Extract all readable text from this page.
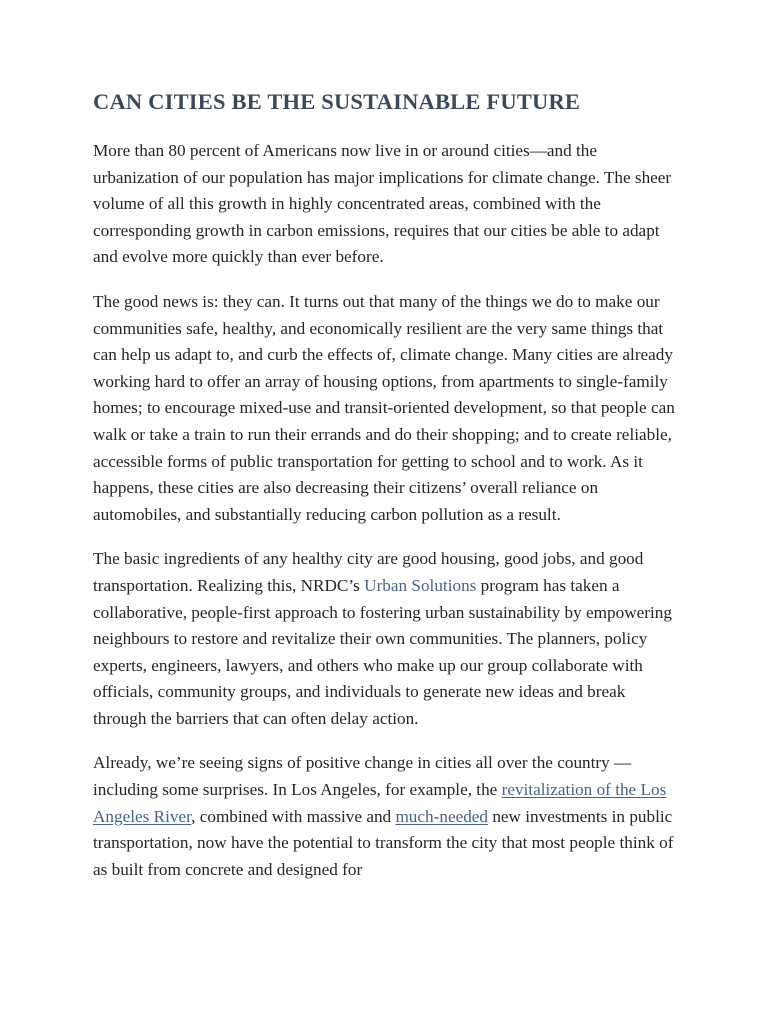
CAN CITIES BE THE SUSTAINABLE FUTURE

More than 80 percent of Americans now live in or around cities—and the urbanization of our population has major implications for climate change. The sheer volume of all this growth in highly concentrated areas, combined with the corresponding growth in carbon emissions, requires that our cities be able to adapt and evolve more quickly than ever before.

The good news is: they can. It turns out that many of the things we do to make our communities safe, healthy, and economically resilient are the very same things that can help us adapt to, and curb the effects of, climate change. Many cities are already working hard to offer an array of housing options, from apartments to single-family homes; to encourage mixed-use and transit-oriented development, so that people can walk or take a train to run their errands and do their shopping; and to create reliable, accessible forms of public transportation for getting to school and to work. As it happens, these cities are also decreasing their citizens’ overall reliance on automobiles, and substantially reducing carbon pollution as a result.

The basic ingredients of any healthy city are good housing, good jobs, and good transportation. Realizing this, NRDC’s Urban Solutions program has taken a collaborative, people-first approach to fostering urban sustainability by empowering neighbours to restore and revitalize their own communities. The planners, policy experts, engineers, lawyers, and others who make up our group collaborate with officials, community groups, and individuals to generate new ideas and break through the barriers that can often delay action.

Already, we’re seeing signs of positive change in cities all over the country —including some surprises. In Los Angeles, for example, the revitalization of the Los Angeles River, combined with massive and much-needed new investments in public transportation, now have the potential to transform the city that most people think of as built from concrete and designed for
